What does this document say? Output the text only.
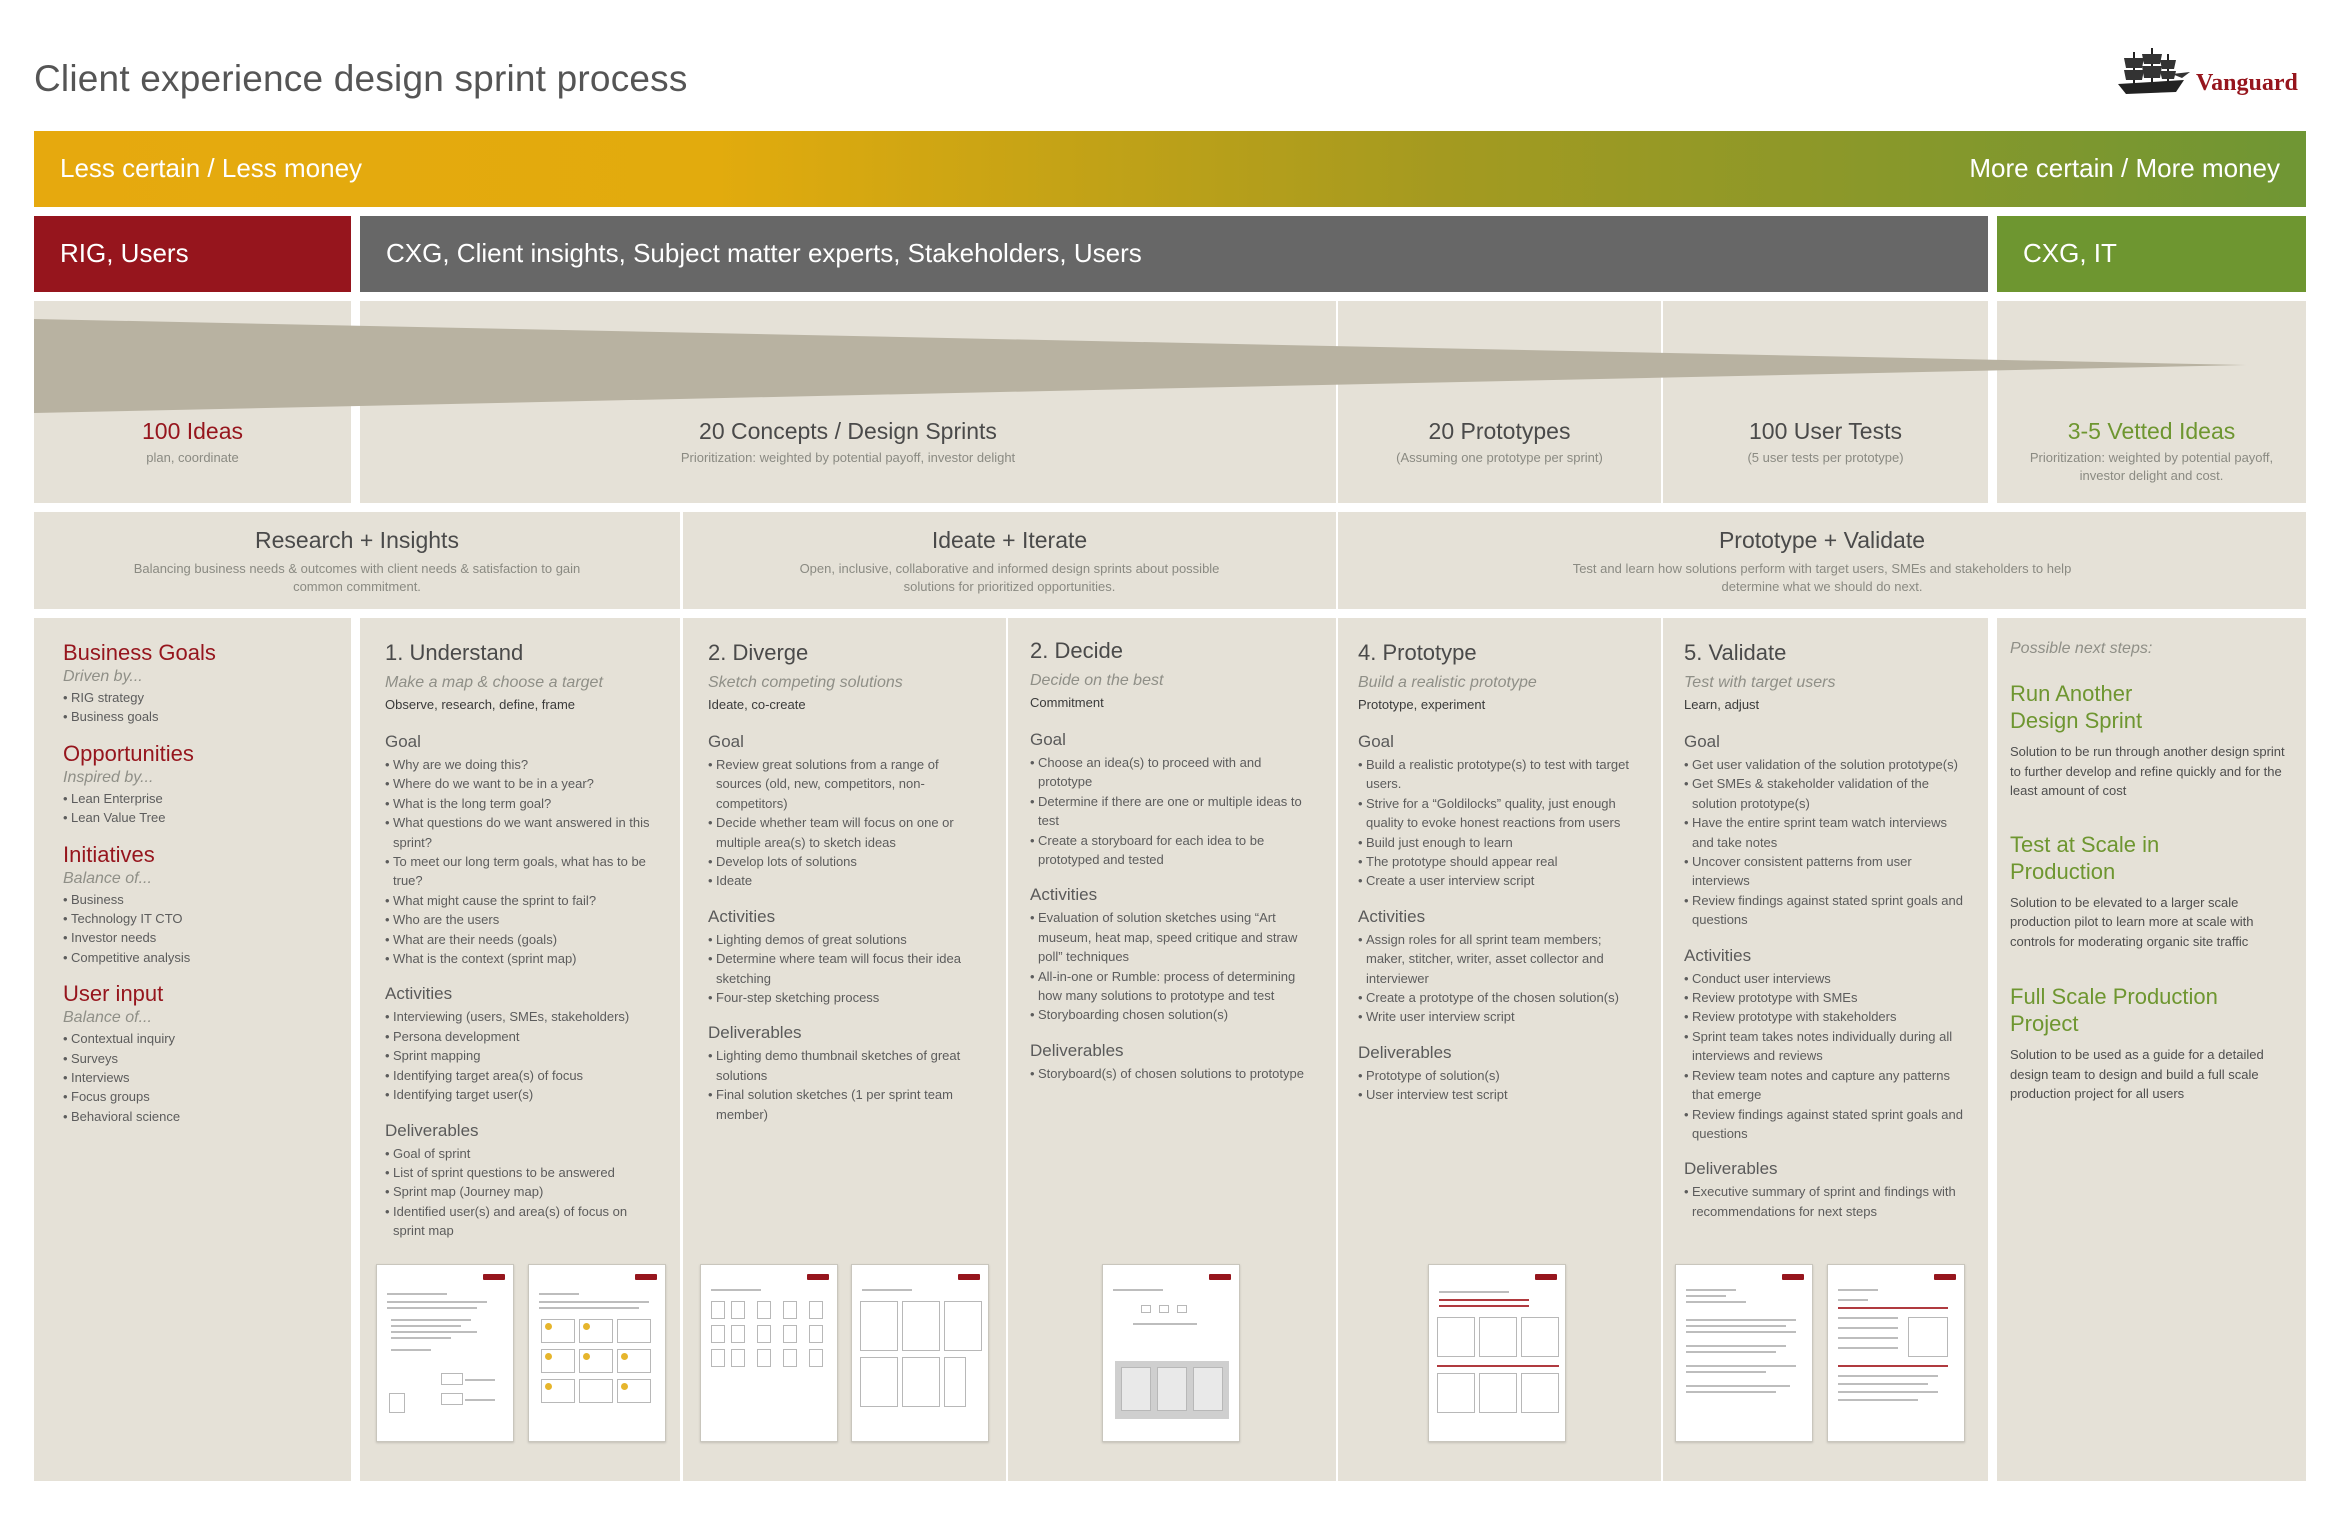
Client experience design sprint process	Vanguard
Less certain / Less money	More certain / More money
RIG, Users	CXG, Client insights, Subject matter experts, Stakeholders, Users	CXG, IT
100 Ideas
plan, coordinate
20 Concepts / Design Sprints
Prioritization: weighted by potential payoff, investor delight
20 Prototypes
(Assuming one prototype per sprint)
100 User Tests
(5 user tests per prototype)
3-5 Vetted Ideas
Prioritization: weighted by potential payoff, investor delight and cost.
Research + Insights
Balancing business needs & outcomes with client needs & satisfaction to gain common commitment.
Ideate + Iterate
Open, inclusive, collaborative and informed design sprints about possible solutions for prioritized opportunities.
Prototype + Validate
Test and learn how solutions perform with target users, SMEs and stakeholders to help determine what we should do next.
Business Goals
Driven by...
• RIG strategy
• Business goals
Opportunities
Inspired by...
• Lean Enterprise
• Lean Value Tree
Initiatives
Balance of...
• Business
• Technology IT CTO
• Investor needs
• Competitive analysis
User input
Balance of...
• Contextual inquiry
• Surveys
• Interviews
• Focus groups
• Behavioral science
1. Understand
Make a map & choose a target
Observe, research, define, frame
Goal
• Why are we doing this?
• Where do we want to be in a year?
• What is the long term goal?
• What questions do we want answered in this sprint?
• To meet our long term goals, what has to be true?
• What might cause the sprint to fail?
• Who are the users
• What are their needs (goals)
• What is the context (sprint map)
Activities
• Interviewing (users, SMEs, stakeholders)
• Persona development
• Sprint mapping
• Identifying target area(s) of focus
• Identifying target user(s)
Deliverables
• Goal of sprint
• List of sprint questions to be answered
• Sprint map (Journey map)
• Identified user(s) and area(s) of focus on sprint map
2. Diverge
Sketch competing solutions
Ideate, co-create
Goal
• Review great solutions from a range of sources (old, new, competitors, non-competitors)
• Decide whether team will focus on one or multiple area(s) to sketch ideas
• Develop lots of solutions
• Ideate
Activities
• Lighting demos of great solutions
• Determine where team will focus their idea sketching
• Four-step sketching process
Deliverables
• Lighting demo thumbnail sketches of great solutions
• Final solution sketches (1 per sprint team member)
2. Decide
Decide on the best
Commitment
Goal
• Choose an idea(s) to proceed with and prototype
• Determine if there are one or multiple ideas to test
• Create a storyboard for each idea to be prototyped and tested
Activities
• Evaluation of solution sketches using “Art museum, heat map, speed critique and straw poll” techniques
• All-in-one or Rumble: process of determining how many solutions to prototype and test
• Storyboarding chosen solution(s)
Deliverables
• Storyboard(s) of chosen solutions to prototype
4. Prototype
Build a realistic prototype
Prototype, experiment
Goal
• Build a realistic prototype(s) to test with target users.
• Strive for a “Goldilocks” quality, just enough quality to evoke honest reactions from users
• Build just enough to learn
• The prototype should appear real
• Create a user interview script
Activities
• Assign roles for all sprint team members; maker, stitcher, writer, asset collector and interviewer
• Create a prototype of the chosen solution(s)
• Write user interview script
Deliverables
• Prototype of solution(s)
• User interview test script
5. Validate
Test with target users
Learn, adjust
Goal
• Get user validation of the solution prototype(s)
• Get SMEs & stakeholder validation of the solution prototype(s)
• Have the entire sprint team watch interviews and take notes
• Uncover consistent patterns from user interviews
• Review findings against stated sprint goals and questions
Activities
• Conduct user interviews
• Review prototype with SMEs
• Review prototype with stakeholders
• Sprint team takes notes individually during all interviews and reviews
• Review team notes and capture any patterns that emerge
• Review findings against stated sprint goals and questions
Deliverables
• Executive summary of sprint and findings with recommendations for next steps
Possible next steps:
Run Another Design Sprint
Solution to be run through another design sprint to further develop and refine quickly and for the least amount of cost
Test at Scale in Production
Solution to be elevated to a larger scale production pilot to learn more at scale with controls for moderating organic site traffic
Full Scale Production Project
Solution to be used as a guide for a detailed design team to design and build a full scale production project for all users
